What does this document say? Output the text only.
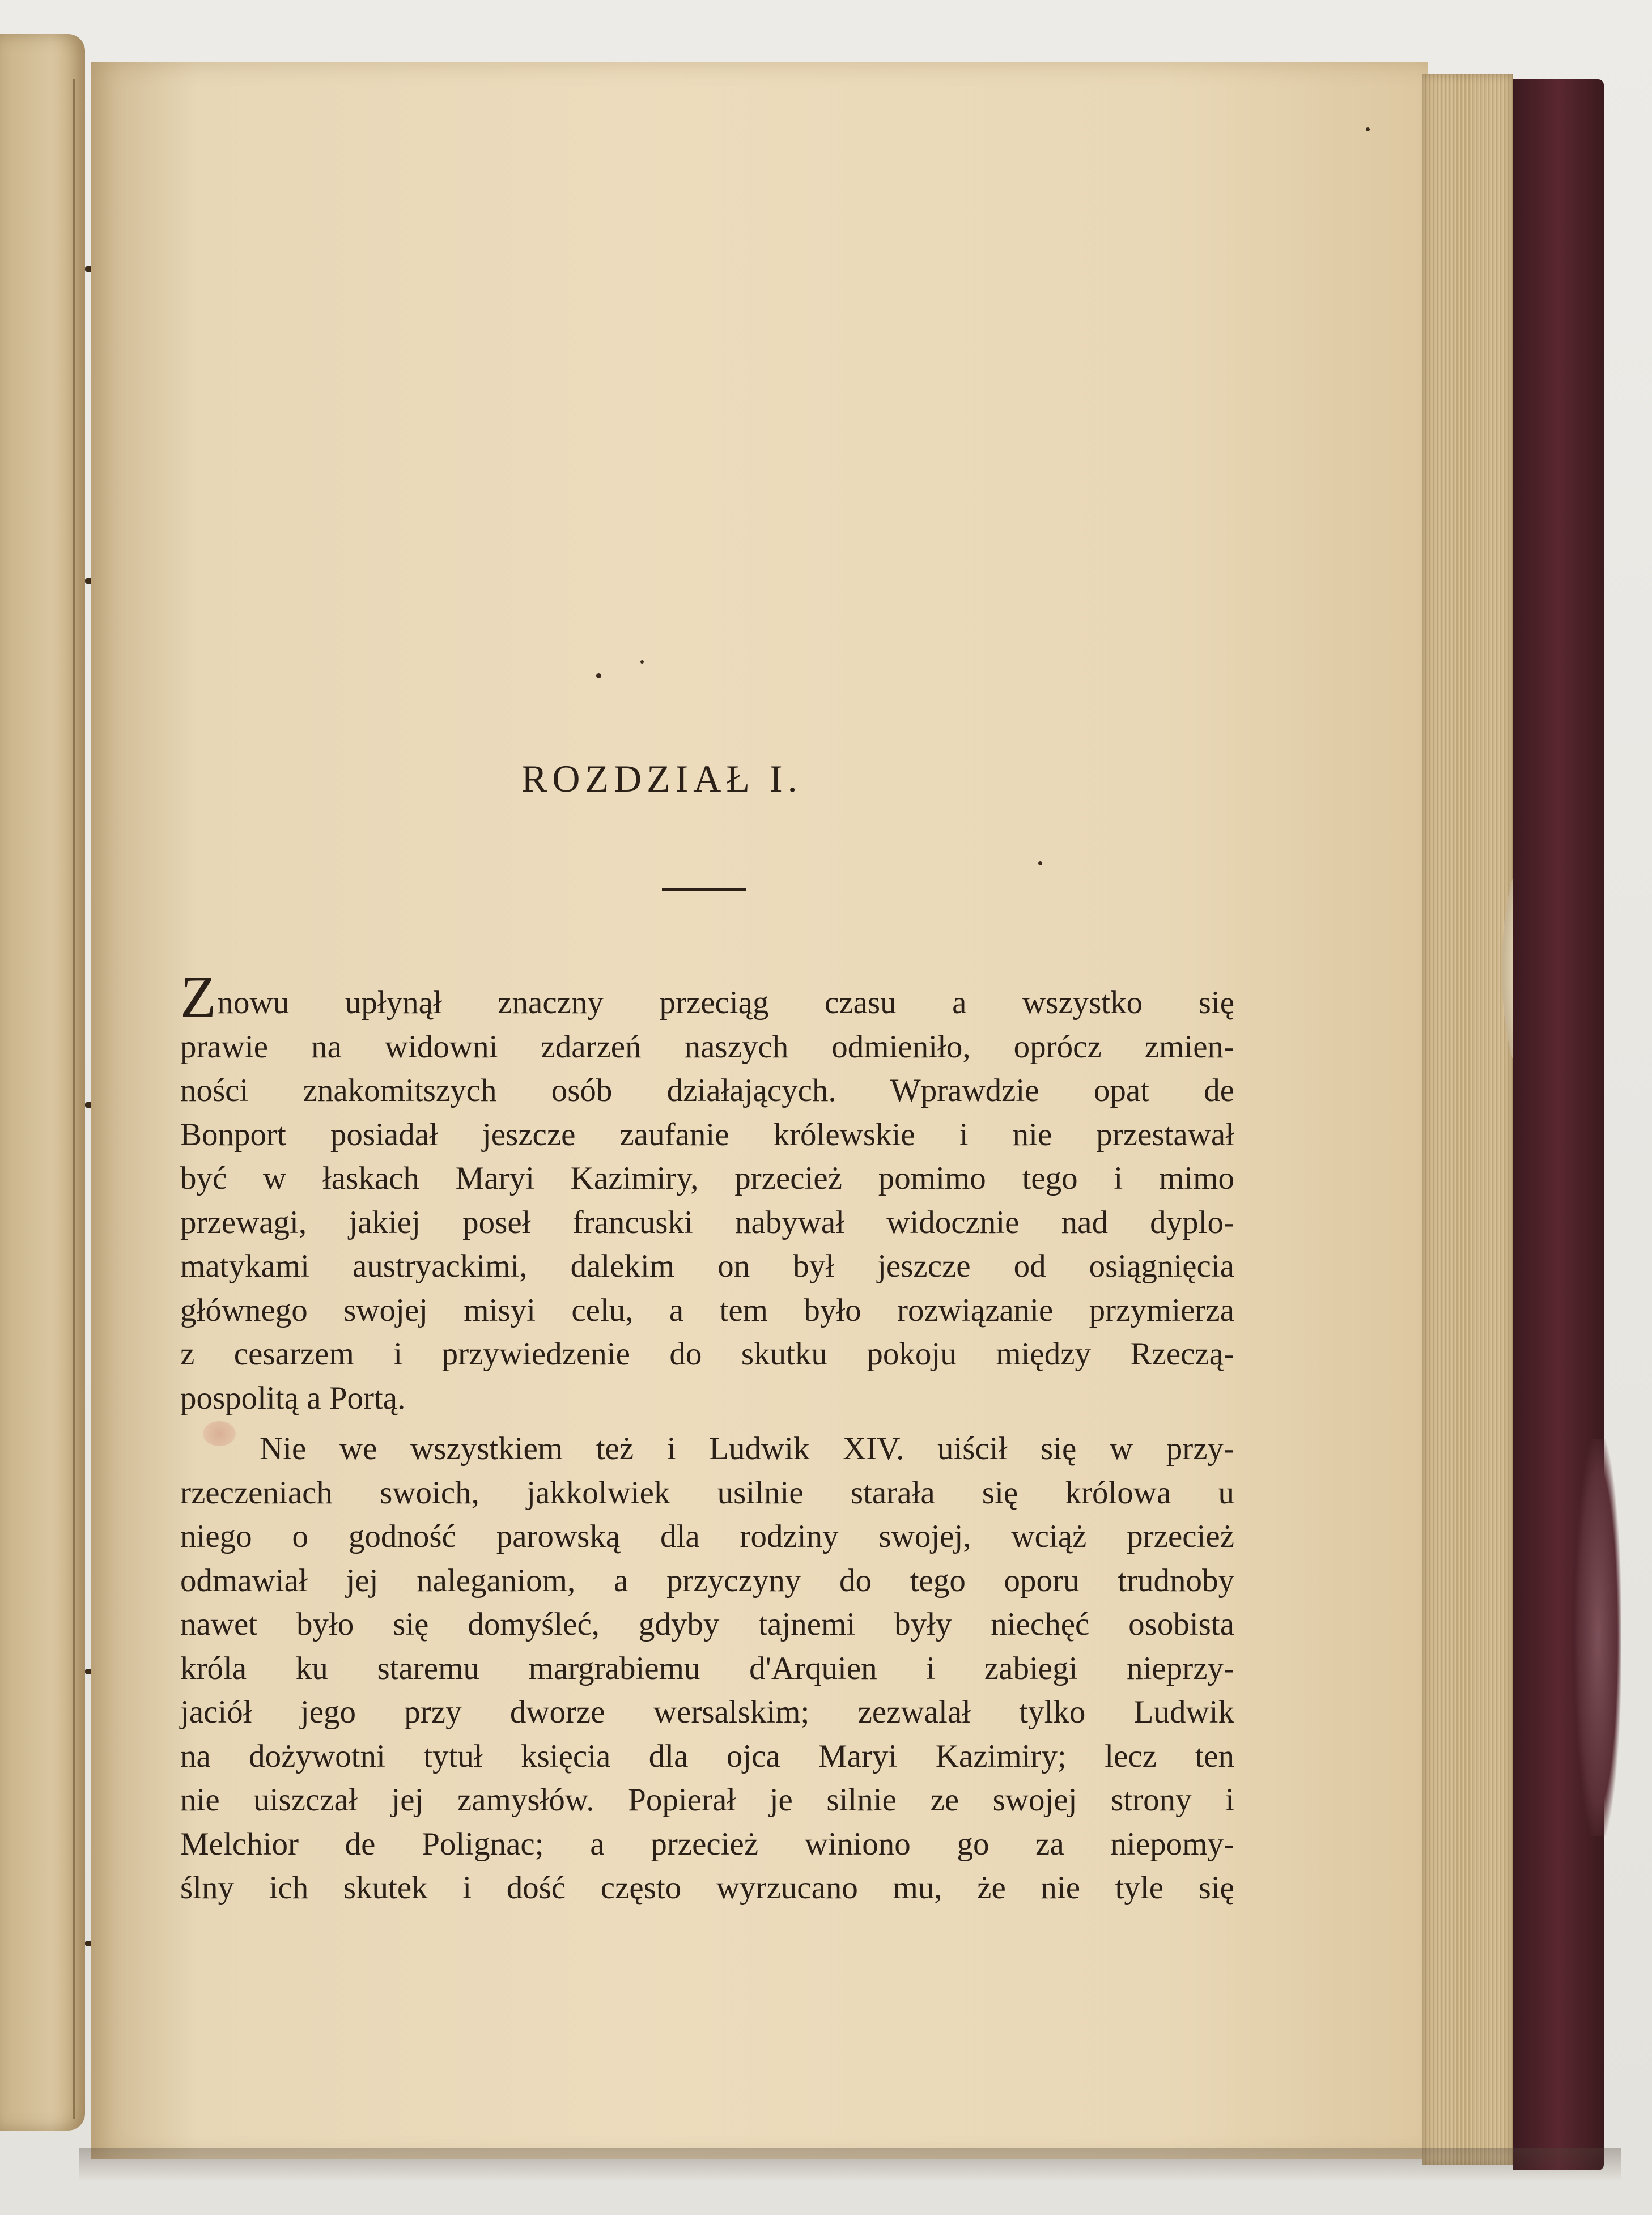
ROZDZIAŁ I.
Znowu upłynął znaczny przeciąg czasu a wszystko się
prawie na widowni zdarzeń naszych odmieniło, oprócz zmien-
ności znakomitszych osób działających. Wprawdzie opat de
Bonport posiadał jeszcze zaufanie królewskie i nie przestawał
być w łaskach Maryi Kazimiry, przecież pomimo tego i mimo
przewagi, jakiej poseł francuski nabywał widocznie nad dyplo-
matykami austryackimi, dalekim on był jeszcze od osiągnięcia
głównego swojej misyi celu, a tem było rozwiązanie przymierza
z cesarzem i przywiedzenie do skutku pokoju między Rzeczą-
pospolitą a Portą.
Nie we wszystkiem też i Ludwik XIV. uiścił się w przy-
rzeczeniach swoich, jakkolwiek usilnie starała się królowa u
niego o godność parowską dla rodziny swojej, wciąż przecież
odmawiał jej naleganiom, a przyczyny do tego oporu trudnoby
nawet było się domyśleć, gdyby tajnemi były niechęć osobista
króla ku staremu margrabiemu d'Arquien i zabiegi nieprzy-
jaciół jego przy dworze wersalskim; zezwalał tylko Ludwik
na dożywotni tytuł księcia dla ojca Maryi Kazimiry; lecz ten
nie uiszczał jej zamysłów. Popierał je silnie ze swojej strony i
Melchior de Polignac; a przecież winiono go za niepomy-
ślny ich skutek i dość często wyrzucano mu, że nie tyle się
